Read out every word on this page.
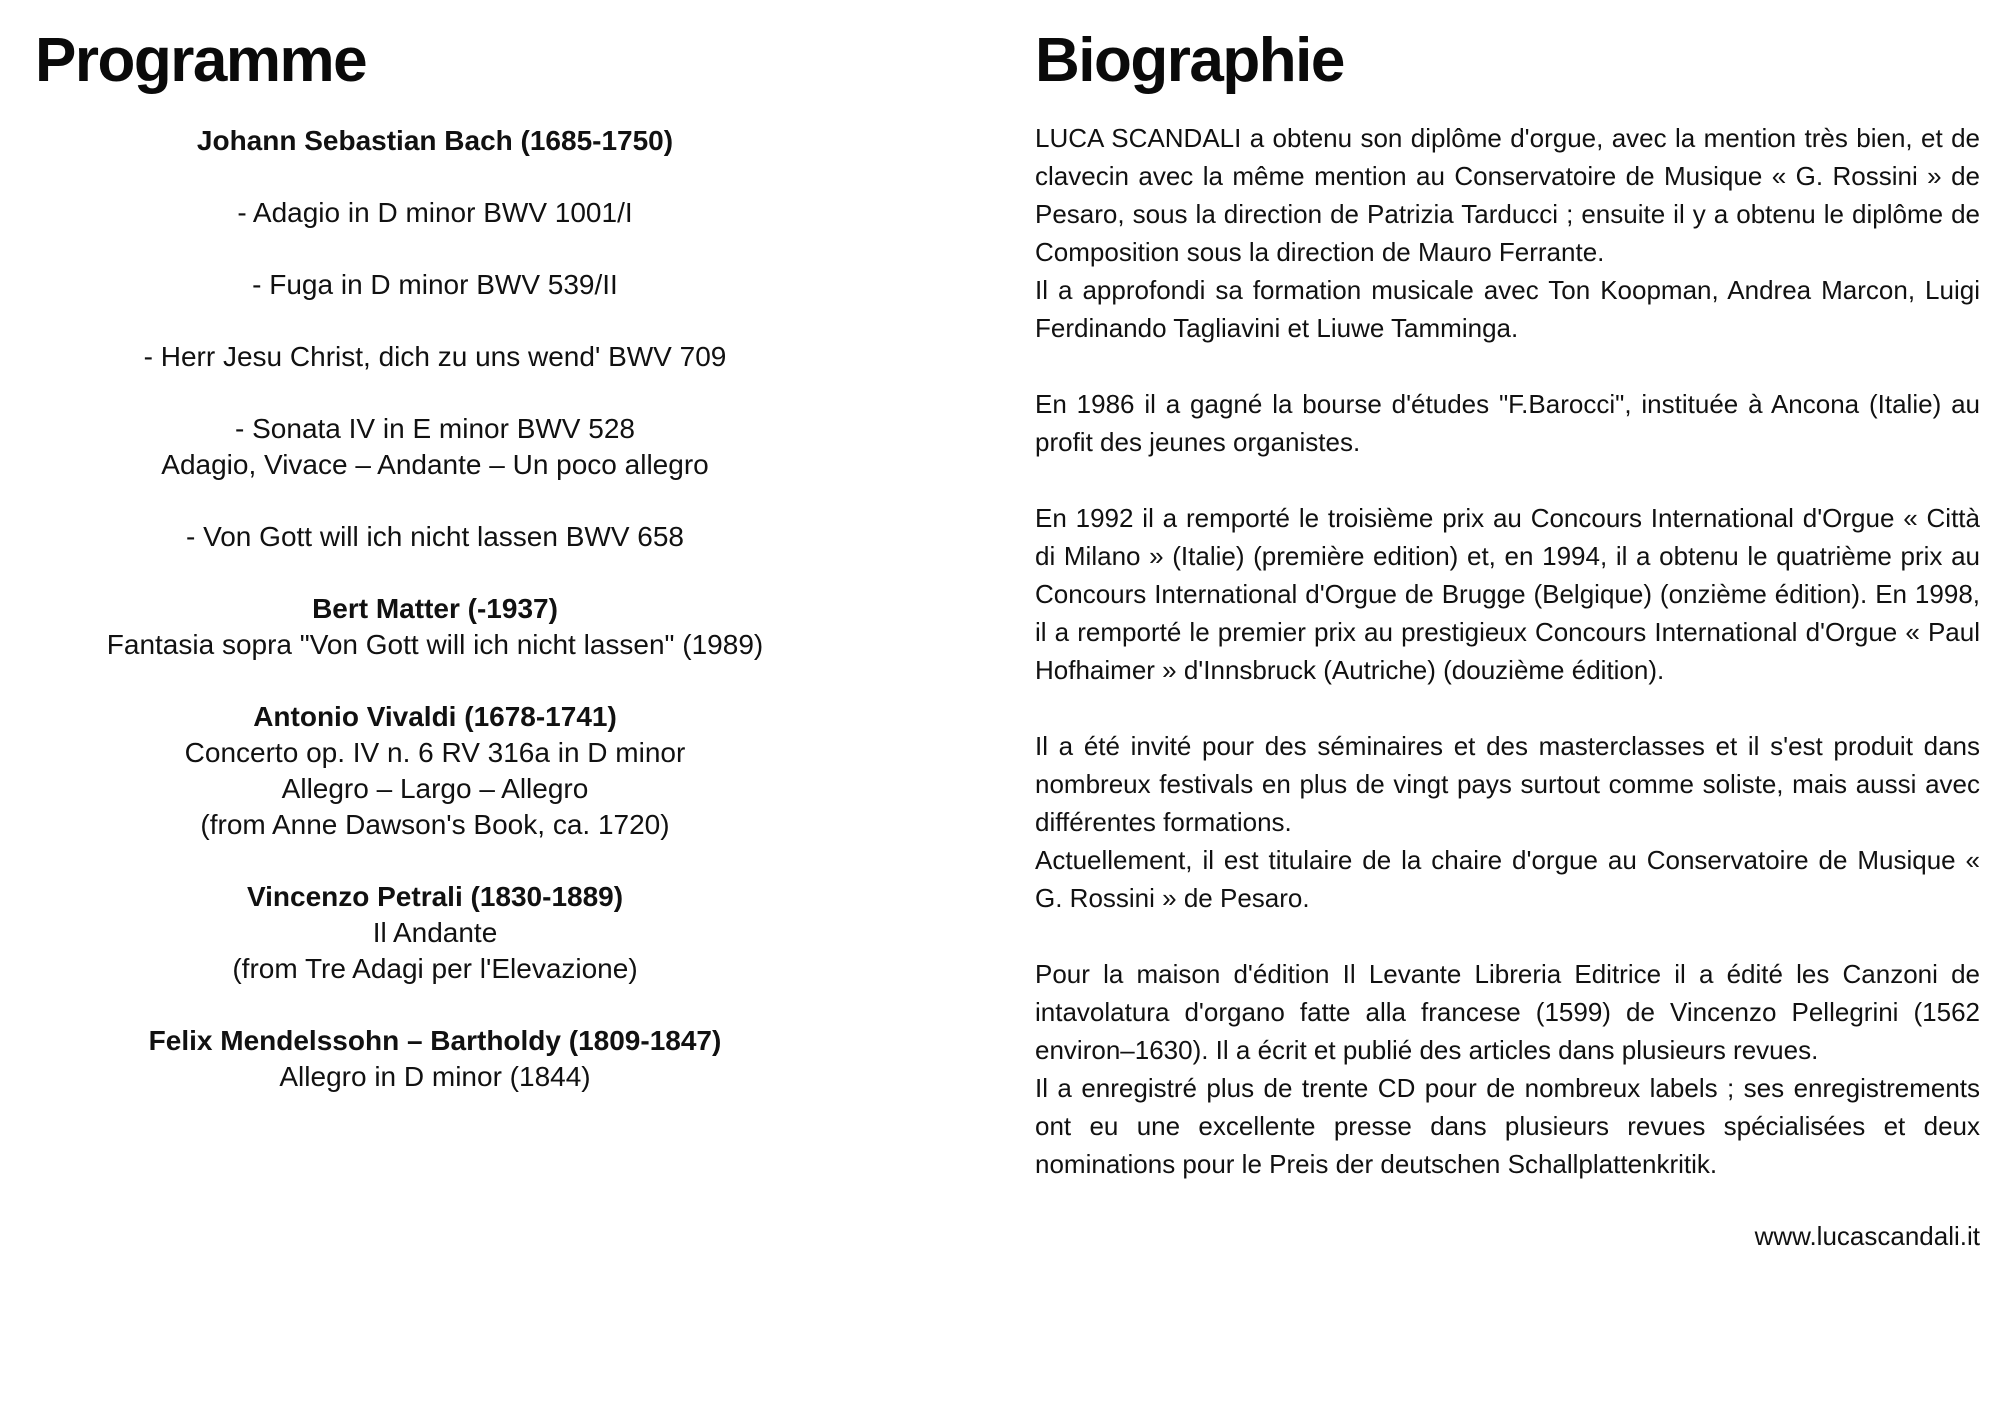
Programme
Johann Sebastian Bach (1685-1750)
- Adagio in D minor BWV 1001/I
- Fuga in D minor BWV 539/II
- Herr Jesu Christ, dich zu uns wend' BWV 709
- Sonata IV in E minor BWV 528
Adagio, Vivace – Andante – Un poco allegro
- Von Gott will ich nicht lassen BWV 658
Bert Matter (-1937)
Fantasia sopra "Von Gott will ich nicht lassen" (1989)
Antonio Vivaldi (1678-1741)
Concerto op. IV n. 6 RV 316a in D minor
Allegro – Largo – Allegro
(from Anne Dawson's Book, ca. 1720)
Vincenzo Petrali (1830-1889)
Il Andante
(from Tre Adagi per l'Elevazione)
Felix Mendelssohn – Bartholdy (1809-1847)
Allegro in D minor (1844)
Biographie
LUCA SCANDALI a obtenu son diplôme d'orgue, avec la mention très bien, et de clavecin avec la même mention au Conservatoire de Musique « G. Rossini » de Pesaro, sous la direction de Patrizia Tarducci ; ensuite il y a obtenu le diplôme de Composition sous la direction de Mauro Ferrante.
Il a approfondi sa formation musicale avec Ton Koopman, Andrea Marcon, Luigi Ferdinando Tagliavini et Liuwe Tamminga.
En 1986 il a gagné la bourse d'études "F.Barocci", instituée à Ancona (Italie) au profit des jeunes organistes.
En 1992 il a remporté le troisième prix au Concours International d'Orgue « Città di Milano » (Italie) (première edition) et, en 1994, il a obtenu le quatrième prix au Concours International d'Orgue de Brugge (Belgique) (onzième édition). En 1998, il a remporté le premier prix au prestigieux Concours International d'Orgue « Paul Hofhaimer » d'Innsbruck (Autriche) (douzième édition).
Il a été invité pour des séminaires et des masterclasses et il s'est produit dans nombreux festivals en plus de vingt pays surtout comme soliste, mais aussi avec différentes formations.
Actuellement, il est titulaire de la chaire d'orgue au Conservatoire de Musique « G. Rossini » de Pesaro.
Pour la maison d'édition Il Levante Libreria Editrice il a édité les Canzoni de intavolatura d'organo fatte alla francese (1599) de Vincenzo Pellegrini (1562 environ–1630). Il a écrit et publié des articles dans plusieurs revues.
Il a enregistré plus de trente CD pour de nombreux labels ; ses enregistrements ont eu une excellente presse dans plusieurs revues spécialisées et deux nominations pour le Preis der deutschen Schallplattenkritik.
www.lucascandali.it
